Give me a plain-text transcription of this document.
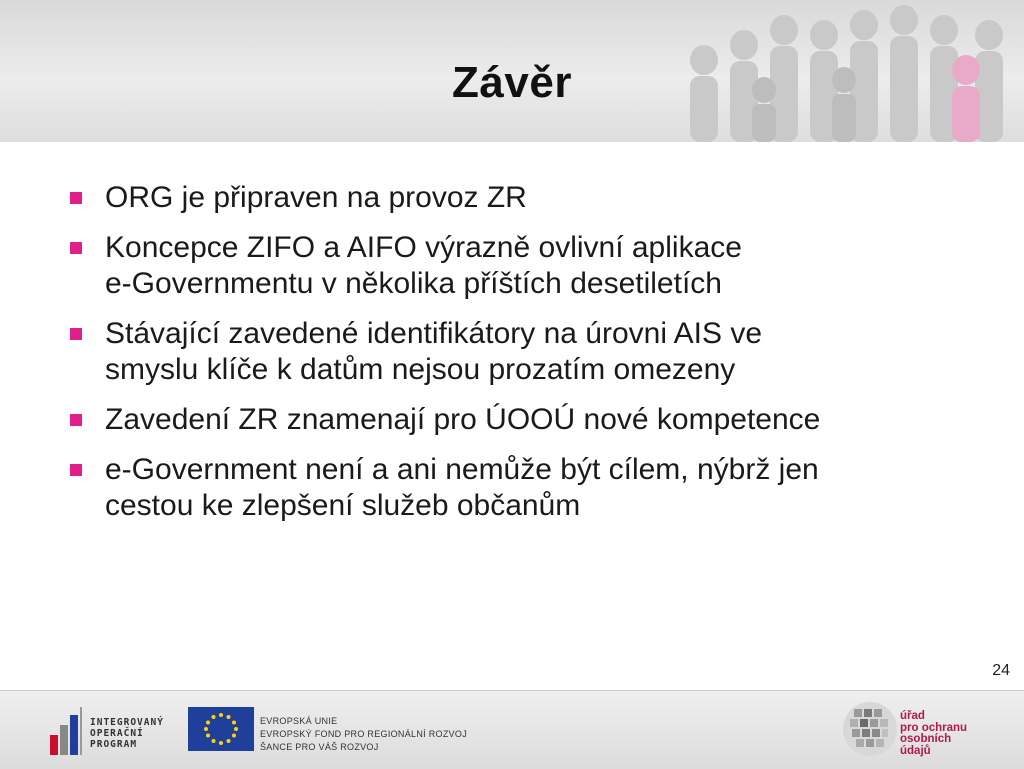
Závěr
ORG je připraven na provoz ZR
Koncepce ZIFO a AIFO výrazně ovlivní aplikace
e-Governmentu v několika příštích desetiletích
Stávající zavedené identifikátory na úrovni AIS ve
smyslu klíče k datům nejsou prozatím omezeny
Zavedení ZR znamenají pro ÚOOÚ nové kompetence
e-Government není a ani nemůže být cílem, nýbrž jen
cestou ke zlepšení služeb občanům
24
INTEGROVANÝ
OPERAČNÍ
PROGRAM
EVROPSKÁ UNIE
EVROPSKÝ FOND PRO REGIONÁLNÍ ROZVOJ
ŠANCE PRO VÁŠ ROZVOJ
úřad
pro ochranu
osobních
údajů
